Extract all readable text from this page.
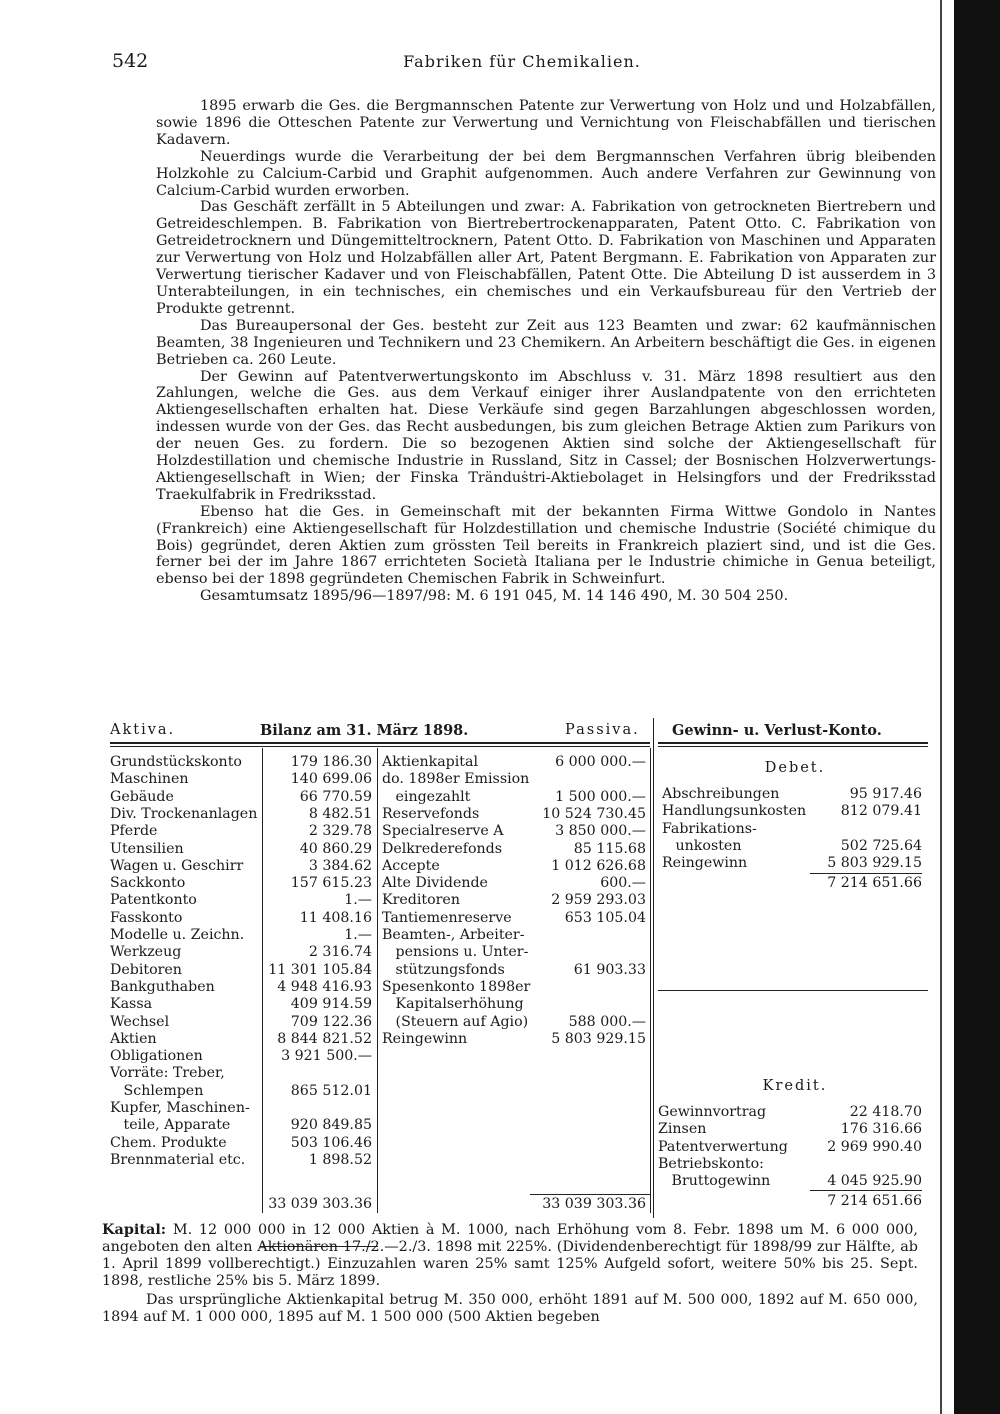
542	Fabriken für Chemikalien.

1895 erwarb die Ges. die Bergmannschen Patente zur Verwertung von Holz und und Holzabfällen, sowie 1896 die Otteschen Patente zur Verwertung und Vernichtung von Fleischabfällen und tierischen Kadavern.

Neuerdings wurde die Verarbeitung der bei dem Bergmannschen Verfahren übrig bleibenden Holzkohle zu Calcium-Carbid und Graphit aufgenommen. Auch andere Verfahren zur Gewinnung von Calcium-Carbid wurden erworben.

Das Geschäft zerfällt in 5 Abteilungen und zwar: A. Fabrikation von getrockneten Biertrebern und Getreideschlempen. B. Fabrikation von Biertrebertrockenapparaten, Patent Otto. C. Fabrikation von Getreidetrocknern und Düngemitteltrocknern, Patent Otto. D. Fabrikation von Maschinen und Apparaten zur Verwertung von Holz und Holzabfällen aller Art, Patent Bergmann. E. Fabrikation von Apparaten zur Verwertung tierischer Kadaver und von Fleischabfällen, Patent Otte. Die Abteilung D ist ausserdem in 3 Unterabteilungen, in ein technisches, ein chemisches und ein Verkaufsbureau für den Vertrieb der Produkte getrennt.

Das Bureaupersonal der Ges. besteht zur Zeit aus 123 Beamten und zwar: 62 kaufmännischen Beamten, 38 Ingenieuren und Technikern und 23 Chemikern. An Arbeitern beschäftigt die Ges. in eigenen Betrieben ca. 260 Leute.

Der Gewinn auf Patentverwertungskonto im Abschluss v. 31. März 1898 resultiert aus den Zahlungen, welche die Ges. aus dem Verkauf einiger ihrer Auslandpatente von den errichteten Aktiengesellschaften erhalten hat. Diese Verkäufe sind gegen Barzahlungen abgeschlossen worden, indessen wurde von der Ges. das Recht ausbedungen, bis zum gleichen Betrage Aktien zum Parikurs von der neuen Ges. zu fordern. Die so bezogenen Aktien sind solche der Aktiengesellschaft für Holzdestillation und chemische Industrie in Russland, Sitz in Cassel; der Bosnischen Holzverwertungs-Aktiengesellschaft in Wien; der Finska Tränduṡtri-Aktiebolaget in Helsingfors und der Fredriksstad Traekulfabrik in Fredriksstad.

Ebenso hat die Ges. in Gemeinschaft mit der bekannten Firma Wittwe Gondolo in Nantes (Frankreich) eine Aktiengesellschaft für Holzdestillation und chemische Industrie (Société chimique du Bois) gegründet, deren Aktien zum grössten Teil bereits in Frankreich plaziert sind, und ist die Ges. ferner bei der im Jahre 1867 errichteten Società Italiana per le Industrie chimiche in Genua beteiligt, ebenso bei der 1898 gegründeten Chemischen Fabrik in Schweinfurt.

Gesamtumsatz 1895/96—1897/98: M. 6 191 045, M. 14 146 490, M. 30 504 250.

Aktiva.	Bilanz am 31. März 1898.	Passiva. Gewinn- u. Verlust-Konto.
Grundstückskonto	179 186.30
Maschinen	140 699.06
Gebäude	66 770.59
Div. Trockenanlagen	8 482.51
Pferde	2 329.78
Utensilien	40 860.29
Wagen u. Geschirr	3 384.62
Sackkonto	157 615.23
Patentkonto	1.—
Fasskonto	11 408.16
Modelle u. Zeichn.	1.—
Werkzeug	2 316.74
Debitoren	11 301 105.84
Bankguthaben	4 948 416.93
Kassa	409 914.59
Wechsel	709 122.36
Aktien	8 844 821.52
Obligationen	3 921 500.—
Vorräte: Treber,
Schlempen	865 512.01
Kupfer, Maschinen-
teile, Apparate	920 849.85
Chem. Produkte	503 106.46
Brennmaterial etc.	1 898.52
33 039 303.36
Aktienkapital	6 000 000.—
do. 1898er Emission
eingezahlt	1 500 000.—
Reservefonds	10 524 730.45
Specialreserve A	3 850 000.—
Delkrederefonds	85 115.68
Accepte	1 012 626.68
Alte Dividende	600.—
Kreditoren	2 959 293.03
Tantiemenreserve	653 105.04
Beamten-, Arbeiter-
pensions u. Unter-
stützungsfonds	61 903.33
Spesenkonto 1898er
Kapitalserhöhung
(Steuern auf Agio)	588 000.—
Reingewinn	5 803 929.15
33 039 303.36
Debet.
Abschreibungen	95 917.46
Handlungsunkosten 812 079.41
Fabrikations-
unkosten	502 725.64
Reingewinn	5 803 929.15
7 214 651.66
Kredit.
Gewinnvortrag	22 418.70
Zinsen	176 316.66
Patentverwertung	2 969 990.40
Betriebskonto:
Bruttogewinn	4 045 925.90
7 214 651.66

Kapital: M. 12 000 000 in 12 000 Aktien à M. 1000, nach Erhöhung vom 8. Febr. 1898 um M. 6 000 000, angeboten den alten Aktionären 17./2.—2./3. 1898 mit 225%. (Dividendenberechtigt für 1898/99 zur Hälfte, ab 1. April 1899 vollberechtigt.) Einzuzahlen waren 25% samt 125% Aufgeld sofort, weitere 50% bis 25. Sept. 1898, restliche 25% bis 5. März 1899.

Das ursprüngliche Aktienkapital betrug M. 350 000, erhöht 1891 auf M. 500 000, 1892 auf M. 650 000, 1894 auf M. 1 000 000, 1895 auf M. 1 500 000 (500 Aktien begeben
